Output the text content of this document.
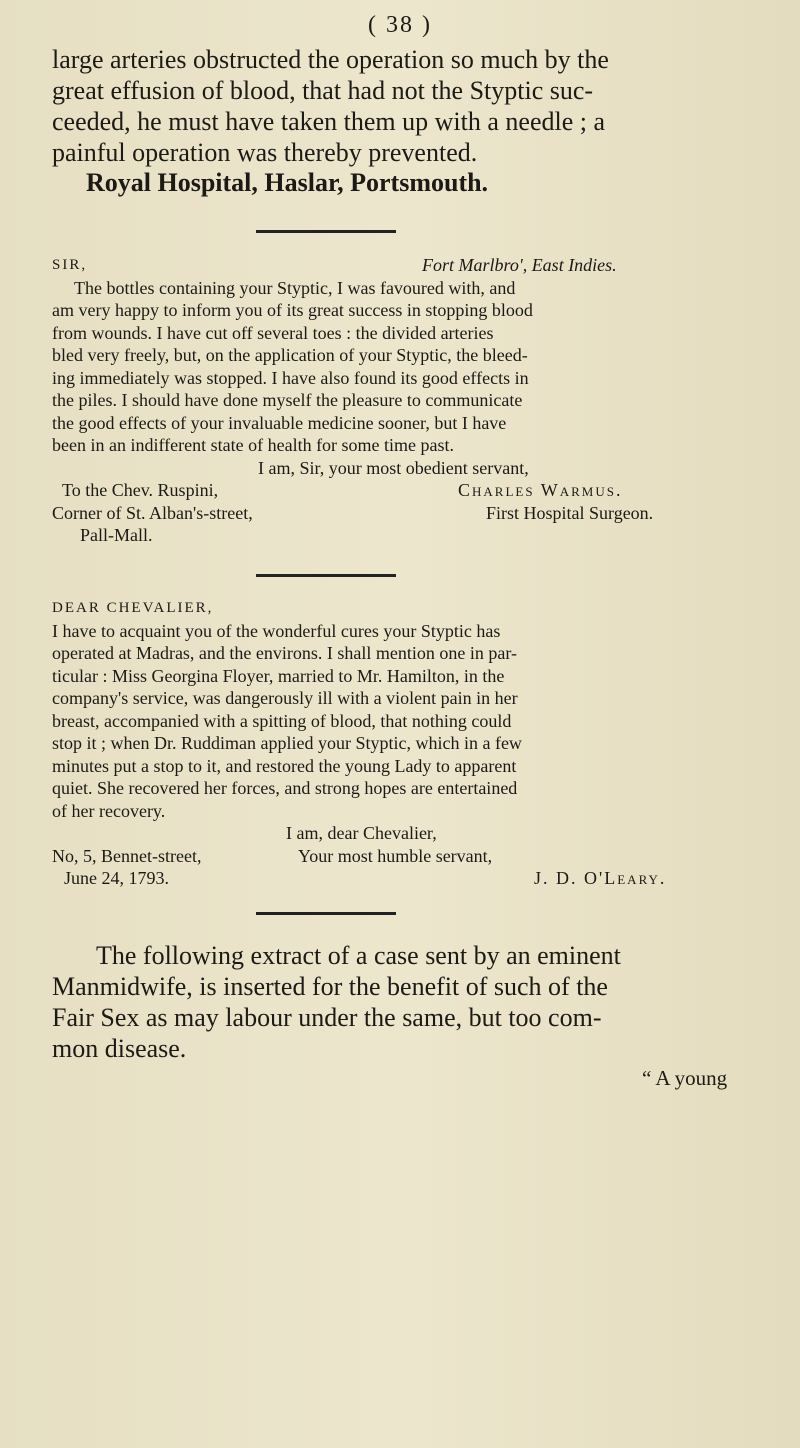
( 38 )
large arteries obstructed the operation so much by the
great effusion of blood, that had not the Styptic suc-
ceeded, he must have taken them up with a needle ; a
painful operation was thereby prevented.
Royal Hospital, Haslar, Portsmouth.
SIR,	Fort Marlbro', East Indies.
The bottles containing your Styptic, I was favoured with, and
am very happy to inform you of its great success in stopping blood
from wounds. I have cut off several toes : the divided arteries
bled very freely, but, on the application of your Styptic, the bleed-
ing immediately was stopped. I have also found its good effects in
the piles. I should have done myself the pleasure to communicate
the good effects of your invaluable medicine sooner, but I have
been in an indifferent state of health for some time past.
I am, Sir, your most obedient servant,
To the Chev. Ruspini,	Charles Warmus.
Corner of St. Alban's-street,	First Hospital Surgeon.
Pall-Mall.
DEAR CHEVALIER,
I have to acquaint you of the wonderful cures your Styptic has
operated at Madras, and the environs. I shall mention one in par-
ticular : Miss Georgina Floyer, married to Mr. Hamilton, in the
company's service, was dangerously ill with a violent pain in her
breast, accompanied with a spitting of blood, that nothing could
stop it ; when Dr. Ruddiman applied your Styptic, which in a few
minutes put a stop to it, and restored the young Lady to apparent
quiet. She recovered her forces, and strong hopes are entertained
of her recovery.
I am, dear Chevalier,
No, 5, Bennet-street,	Your most humble servant,
June 24, 1793.	J. D. O'Leary.
The following extract of a case sent by an eminent
Manmidwife, is inserted for the benefit of such of the
Fair Sex as may labour under the same, but too com-
mon disease.
“ A young
